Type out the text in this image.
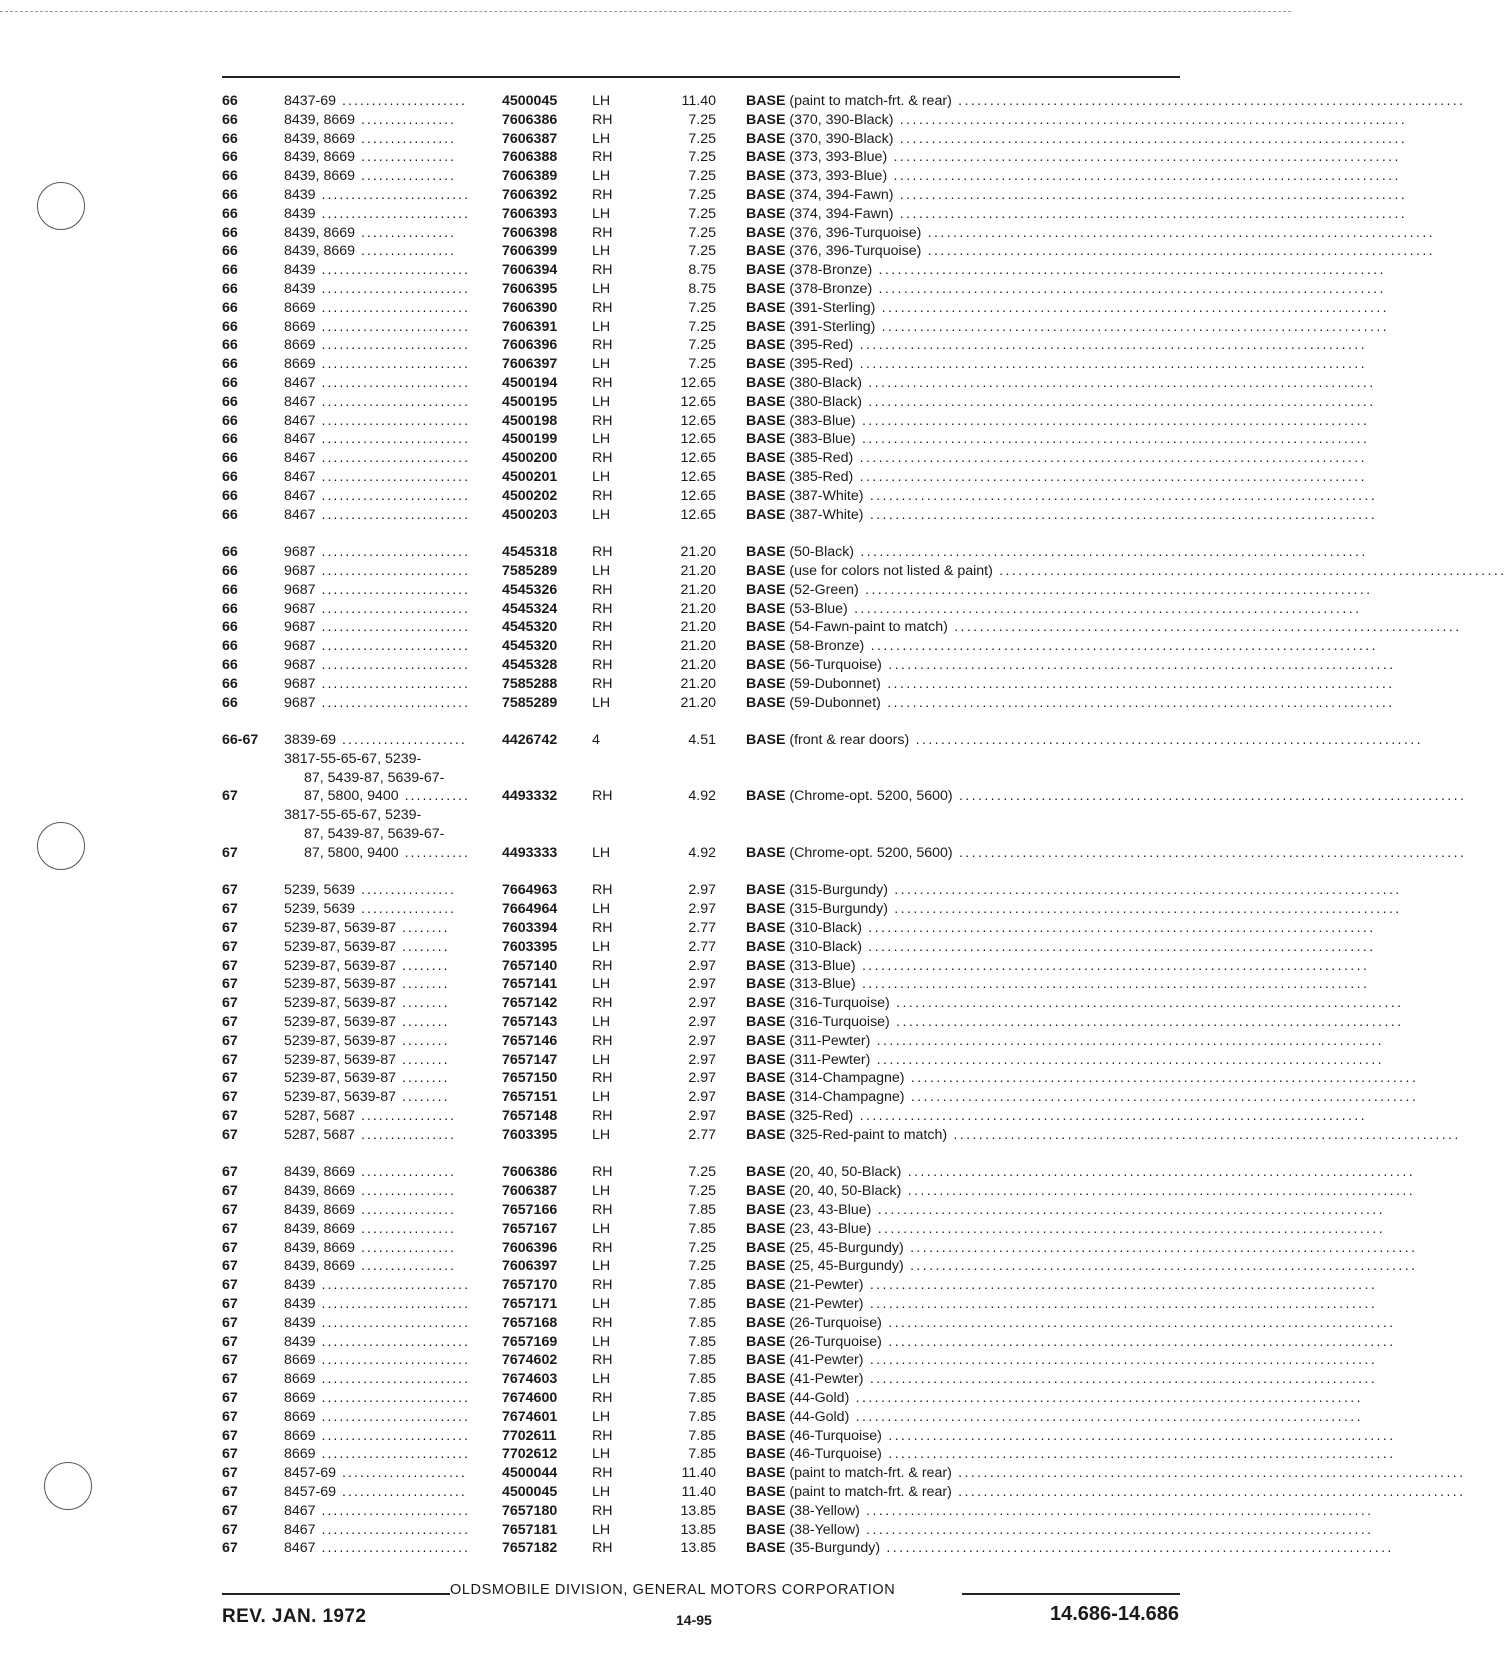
66	8437-69 .....................	4500045	LH	11.40	BASE (paint to match-frt. & rear) ................................................................................

66	8439, 8669 ................	7606386	RH	7.25	BASE (370, 390-Black) ................................................................................

66	8439, 8669 ................	7606387	LH	7.25	BASE (370, 390-Black) ................................................................................

66	8439, 8669 ................	7606388	RH	7.25	BASE (373, 393-Blue) ................................................................................

66	8439, 8669 ................	7606389	LH	7.25	BASE (373, 393-Blue) ................................................................................

66	8439 .........................	7606392	RH	7.25	BASE (374, 394-Fawn) ................................................................................

66	8439 .........................	7606393	LH	7.25	BASE (374, 394-Fawn) ................................................................................

66	8439, 8669 ................	7606398	RH	7.25	BASE (376, 396-Turquoise) ................................................................................

66	8439, 8669 ................	7606399	LH	7.25	BASE (376, 396-Turquoise) ................................................................................

66	8439 .........................	7606394	RH	8.75	BASE (378-Bronze) ................................................................................

66	8439 .........................	7606395	LH	8.75	BASE (378-Bronze) ................................................................................

66	8669 .........................	7606390	RH	7.25	BASE (391-Sterling) ................................................................................

66	8669 .........................	7606391	LH	7.25	BASE (391-Sterling) ................................................................................

66	8669 .........................	7606396	RH	7.25	BASE (395-Red) ................................................................................

66	8669 .........................	7606397	LH	7.25	BASE (395-Red) ................................................................................

66	8467 .........................	4500194	RH	12.65	BASE (380-Black) ................................................................................

66	8467 .........................	4500195	LH	12.65	BASE (380-Black) ................................................................................

66	8467 .........................	4500198	RH	12.65	BASE (383-Blue) ................................................................................

66	8467 .........................	4500199	LH	12.65	BASE (383-Blue) ................................................................................

66	8467 .........................	4500200	RH	12.65	BASE (385-Red) ................................................................................

66	8467 .........................	4500201	LH	12.65	BASE (385-Red) ................................................................................

66	8467 .........................	4500202	RH	12.65	BASE (387-White) ................................................................................

66	8467 .........................	4500203	LH	12.65	BASE (387-White) ................................................................................

66	9687 .........................	4545318	RH	21.20	BASE (50-Black) ................................................................................

66	9687 .........................	7585289	LH	21.20	BASE (use for colors not listed & paint) ................................................................................

66	9687 .........................	4545326	RH	21.20	BASE (52-Green) ................................................................................

66	9687 .........................	4545324	RH	21.20	BASE (53-Blue) ................................................................................

66	9687 .........................	4545320	RH	21.20	BASE (54-Fawn-paint to match) ................................................................................

66	9687 .........................	4545320	RH	21.20	BASE (58-Bronze) ................................................................................

66	9687 .........................	4545328	RH	21.20	BASE (56-Turquoise) ................................................................................

66	9687 .........................	7585288	RH	21.20	BASE (59-Dubonnet) ................................................................................

66	9687 .........................	7585289	LH	21.20	BASE (59-Dubonnet) ................................................................................

66-67	3839-69 .....................	4426742	4	4.51	BASE (front & rear doors) ................................................................................

67	3817-55-65-67, 5239-
87, 5439-87, 5639-67-
87, 5800, 9400 ...........	4493332	RH	4.92	BASE (Chrome-opt. 5200, 5600) ................................................................................

67	3817-55-65-67, 5239-
87, 5439-87, 5639-67-
87, 5800, 9400 ...........	4493333	LH	4.92	BASE (Chrome-opt. 5200, 5600) ................................................................................

67	5239, 5639 ................	7664963	RH	2.97	BASE (315-Burgundy) ................................................................................

67	5239, 5639 ................	7664964	LH	2.97	BASE (315-Burgundy) ................................................................................

67	5239-87, 5639-87 ........	7603394	RH	2.77	BASE (310-Black) ................................................................................

67	5239-87, 5639-87 ........	7603395	LH	2.77	BASE (310-Black) ................................................................................

67	5239-87, 5639-87 ........	7657140	RH	2.97	BASE (313-Blue) ................................................................................

67	5239-87, 5639-87 ........	7657141	LH	2.97	BASE (313-Blue) ................................................................................

67	5239-87, 5639-87 ........	7657142	RH	2.97	BASE (316-Turquoise) ................................................................................

67	5239-87, 5639-87 ........	7657143	LH	2.97	BASE (316-Turquoise) ................................................................................

67	5239-87, 5639-87 ........	7657146	RH	2.97	BASE (311-Pewter) ................................................................................

67	5239-87, 5639-87 ........	7657147	LH	2.97	BASE (311-Pewter) ................................................................................

67	5239-87, 5639-87 ........	7657150	RH	2.97	BASE (314-Champagne) ................................................................................

67	5239-87, 5639-87 ........	7657151	LH	2.97	BASE (314-Champagne) ................................................................................

67	5287, 5687 ................	7657148	RH	2.97	BASE (325-Red) ................................................................................

67	5287, 5687 ................	7603395	LH	2.77	BASE (325-Red-paint to match) ................................................................................

67	8439, 8669 ................	7606386	RH	7.25	BASE (20, 40, 50-Black) ................................................................................

67	8439, 8669 ................	7606387	LH	7.25	BASE (20, 40, 50-Black) ................................................................................

67	8439, 8669 ................	7657166	RH	7.85	BASE (23, 43-Blue) ................................................................................

67	8439, 8669 ................	7657167	LH	7.85	BASE (23, 43-Blue) ................................................................................

67	8439, 8669 ................	7606396	RH	7.25	BASE (25, 45-Burgundy) ................................................................................

67	8439, 8669 ................	7606397	LH	7.25	BASE (25, 45-Burgundy) ................................................................................

67	8439 .........................	7657170	RH	7.85	BASE (21-Pewter) ................................................................................

67	8439 .........................	7657171	LH	7.85	BASE (21-Pewter) ................................................................................

67	8439 .........................	7657168	RH	7.85	BASE (26-Turquoise) ................................................................................

67	8439 .........................	7657169	LH	7.85	BASE (26-Turquoise) ................................................................................

67	8669 .........................	7674602	RH	7.85	BASE (41-Pewter) ................................................................................

67	8669 .........................	7674603	LH	7.85	BASE (41-Pewter) ................................................................................

67	8669 .........................	7674600	RH	7.85	BASE (44-Gold) ................................................................................

67	8669 .........................	7674601	LH	7.85	BASE (44-Gold) ................................................................................

67	8669 .........................	7702611	RH	7.85	BASE (46-Turquoise) ................................................................................

67	8669 .........................	7702612	LH	7.85	BASE (46-Turquoise) ................................................................................

67	8457-69 .....................	4500044	RH	11.40	BASE (paint to match-frt. & rear) ................................................................................

67	8457-69 .....................	4500045	LH	11.40	BASE (paint to match-frt. & rear) ................................................................................

67	8467 .........................	7657180	RH	13.85	BASE (38-Yellow) ................................................................................

67	8467 .........................	7657181	LH	13.85	BASE (38-Yellow) ................................................................................

67	8467 .........................	7657182	RH	13.85	BASE (35-Burgundy) ................................................................................
OLDSMOBILE DIVISION, GENERAL MOTORS CORPORATION
REV. JAN. 1972	14-95	14.686-14.686
